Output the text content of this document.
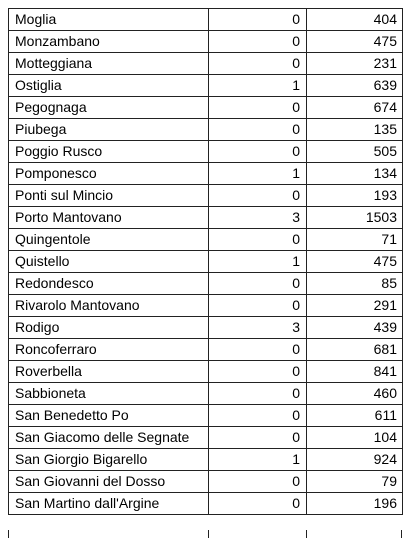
Moglia	0	404
Monzambano	0	475
Motteggiana	0	231
Ostiglia	1	639
Pegognaga	0	674
Piubega	0	135
Poggio Rusco	0	505
Pomponesco	1	134
Ponti sul Mincio	0	193
Porto Mantovano	3	1503
Quingentole	0	71
Quistello	1	475
Redondesco	0	85
Rivarolo Mantovano	0	291
Rodigo	3	439
Roncoferraro	0	681
Roverbella	0	841
Sabbioneta	0	460
San Benedetto Po	0	611
San Giacomo delle Segnate	0	104
San Giorgio Bigarello	1	924
San Giovanni del Dosso	0	79
San Martino dall'Argine	0	196
